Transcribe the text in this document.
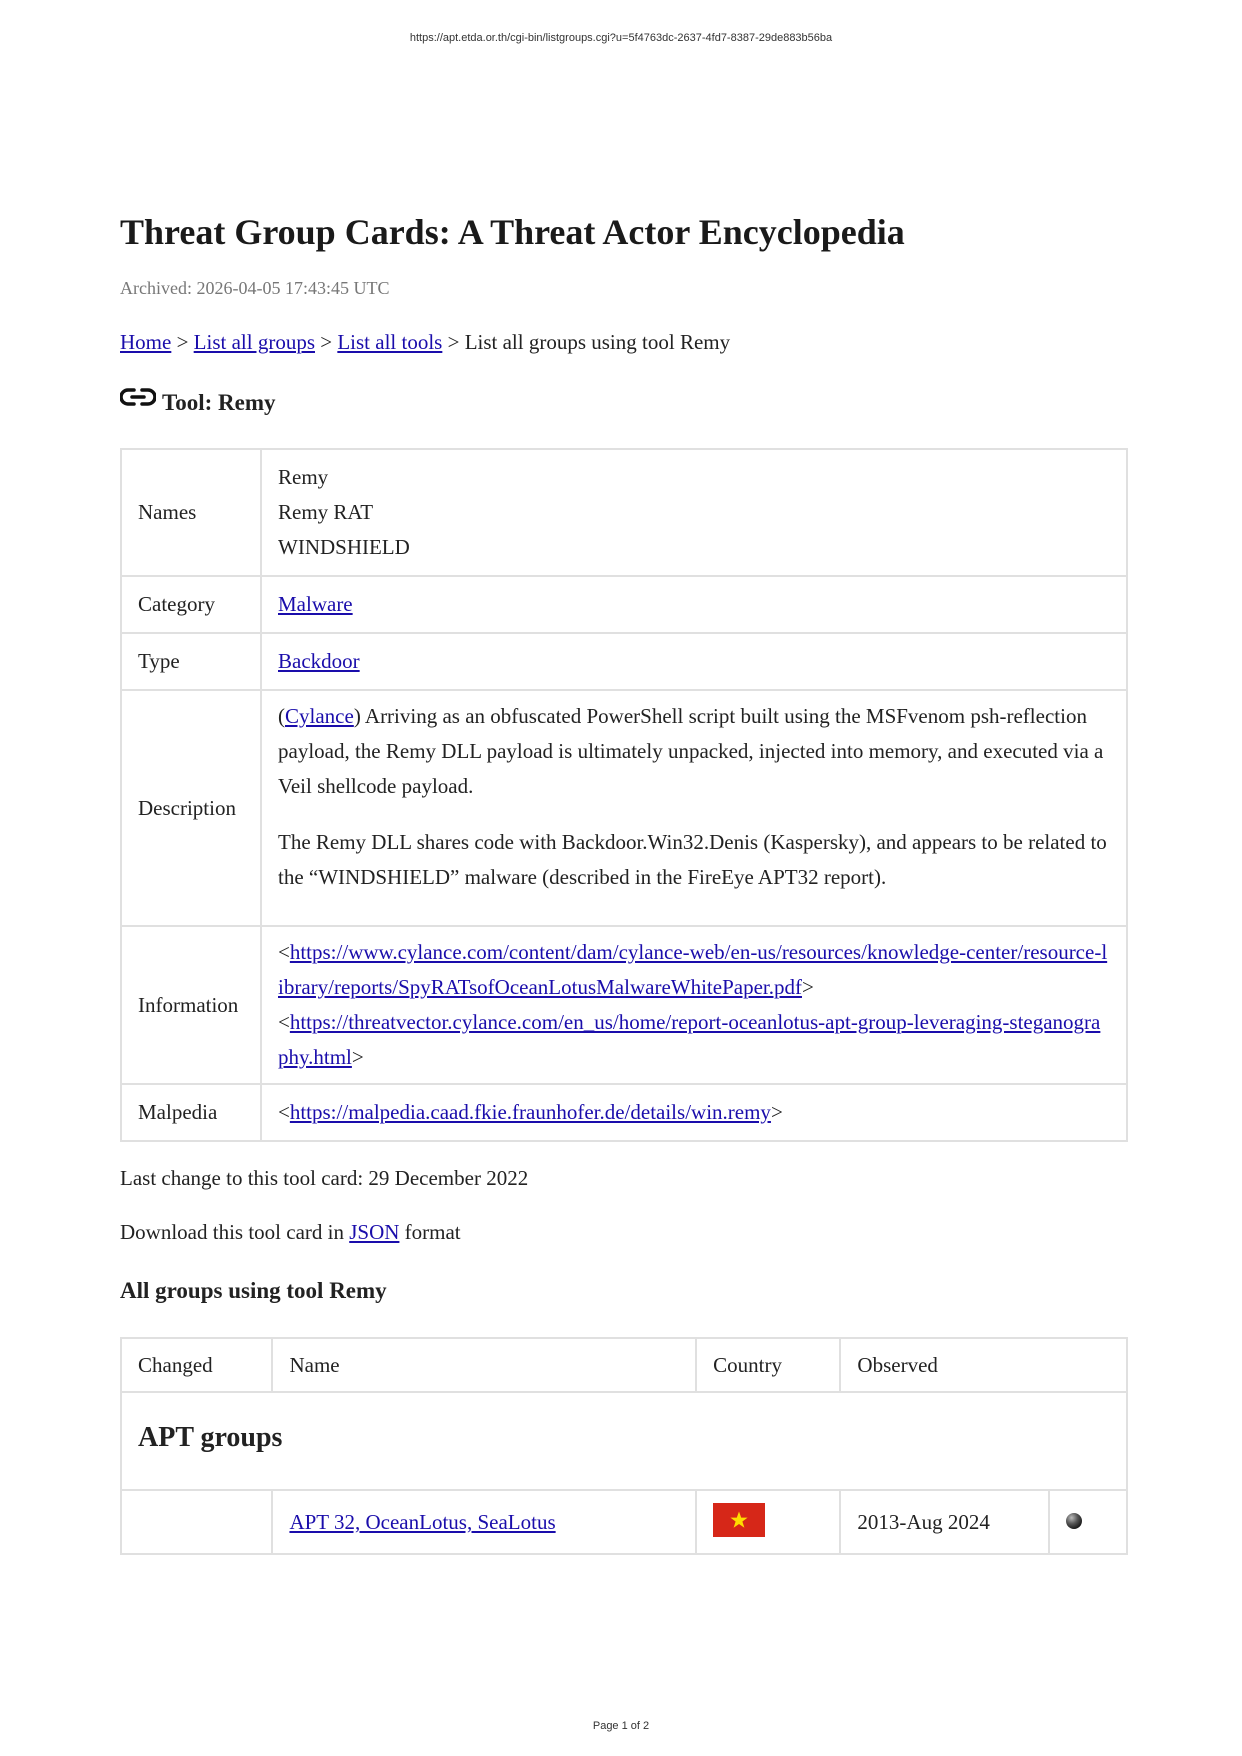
https://apt.etda.or.th/cgi-bin/listgroups.cgi?u=5f4763dc-2637-4fd7-8387-29de883b56ba
Threat Group Cards: A Threat Actor Encyclopedia
Archived: 2026-04-05 17:43:45 UTC
Home > List all groups > List all tools > List all groups using tool Remy
Tool: Remy
Names	Remy
Remy RAT
WINDSHIELD

Category	Malware
Type	Backdoor
Description	(Cylance) Arriving as an obfuscated PowerShell script built using the MSFvenom psh-reflection payload, the Remy DLL payload is ultimately unpacked, injected into memory, and executed via a Veil shellcode payload.

The Remy DLL shares code with Backdoor.Win32.Denis (Kaspersky), and appears to be related to the “WINDSHIELD” malware (described in the FireEye APT32 report).

Information	<https://www.cylance.com/content/dam/cylance-web/en-us/resources/knowledge-center/resource-library/reports/SpyRATsofOceanLotusMalwareWhitePaper.pdf>
<https://threatvector.cylance.com/en_us/home/report-oceanlotus-apt-group-leveraging-steganography.html>

Malpedia	<https://malpedia.caad.fkie.fraunhofer.de/details/win.remy>
Last change to this tool card: 29 December 2022
Download this tool card in JSON format
All groups using tool Remy
Changed	Name	Country	Observed	

APT groups				

	APT 32, OceanLotus, SeaLotus		2013-Aug 2024	
Page 1 of 2
